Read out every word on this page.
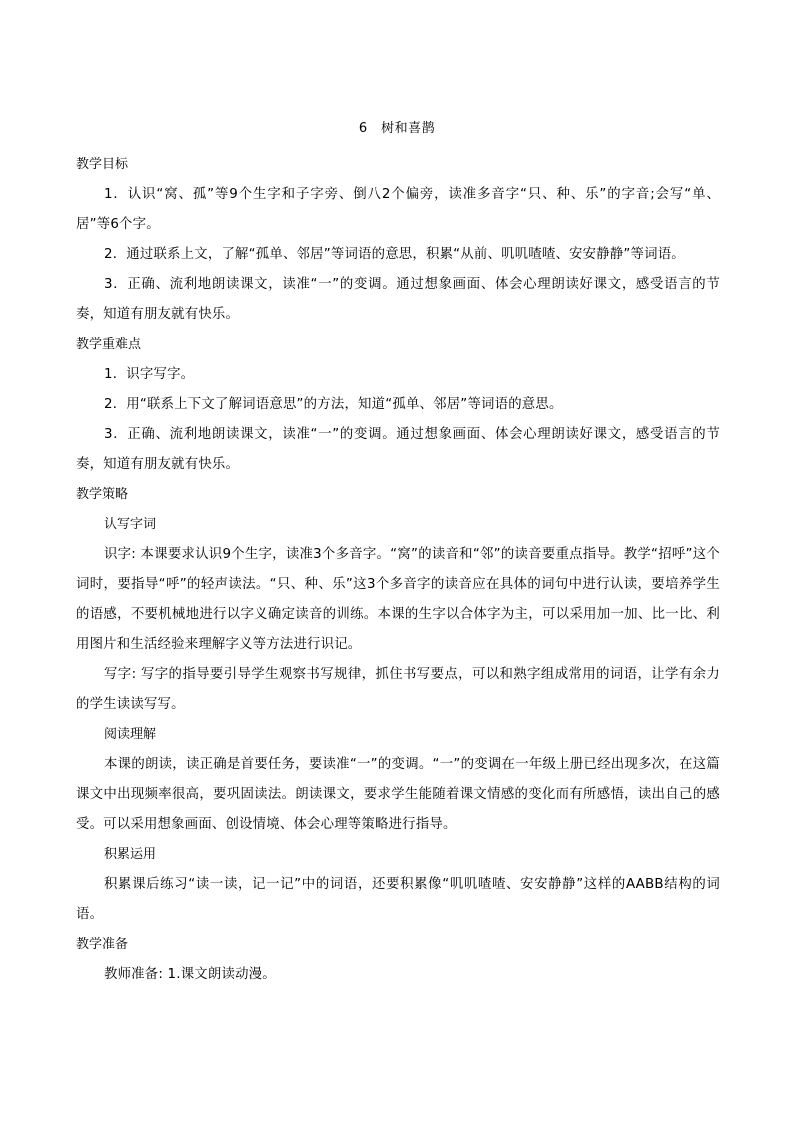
6　树和喜鹊

教学目标

1．认识“窝、孤”等9个生字和子字旁、倒八2个偏旁，读准多音字“只、种、乐”的字音;会写“单、居”等6个字。

2．通过联系上文，了解“孤单、邻居”等词语的意思，积累“从前、叽叽喳喳、安安静静”等词语。

3．正确、流利地朗读课文，读准“一”的变调。通过想象画面、体会心理朗读好课文，感受语言的节奏，知道有朋友就有快乐。

教学重难点

1．识字写字。

2．用“联系上下文了解词语意思”的方法，知道“孤单、邻居”等词语的意思。

3．正确、流利地朗读课文，读准“一”的变调。通过想象画面、体会心理朗读好课文，感受语言的节奏，知道有朋友就有快乐。

教学策略

认写字词

识字: 本课要求认识9个生字，读准3个多音字。“窝”的读音和“邻”的读音要重点指导。教学“招呼”这个词时，要指导“呼”的轻声读法。“只、种、乐”这3个多音字的读音应在具体的词句中进行认读，要培养学生的语感，不要机械地进行以字义确定读音的训练。本课的生字以合体字为主，可以采用加一加、比一比、利用图片和生活经验来理解字义等方法进行识记。

写字: 写字的指导要引导学生观察书写规律，抓住书写要点，可以和熟字组成常用的词语，让学有余力的学生读读写写。

阅读理解

本课的朗读，读正确是首要任务，要读准“一”的变调。“一”的变调在一年级上册已经出现多次，在这篇课文中出现频率很高，要巩固读法。朗读课文，要求学生能随着课文情感的变化而有所感悟，读出自己的感受。可以采用想象画面、创设情境、体会心理等策略进行指导。

积累运用

积累课后练习“读一读，记一记”中的词语，还要积累像“叽叽喳喳、安安静静”这样的AABB结构的词语。

教学准备

教师准备: 1.课文朗读动漫。
